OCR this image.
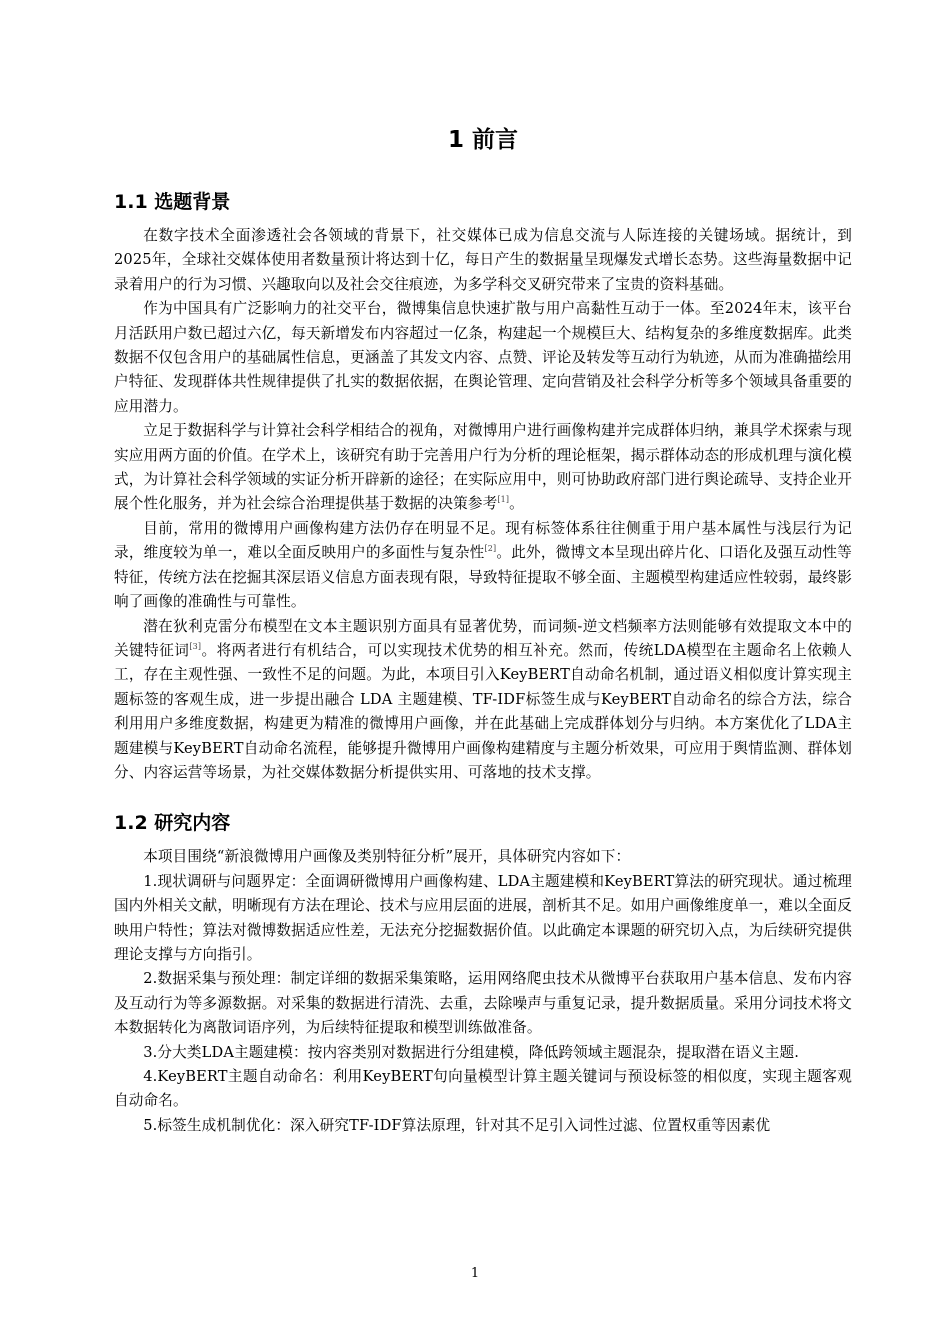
1 前言
1.1 选题背景

在数字技术全面渗透社会各领域的背景下，社交媒体已成为信息交流与人际连接的关键场域。据统计，到2025年，全球社交媒体使用者数量预计将达到十亿，每日产生的数据量呈现爆发式增长态势。这些海量数据中记录着用户的行为习惯、兴趣取向以及社会交往痕迹，为多学科交叉研究带来了宝贵的资料基础。

作为中国具有广泛影响力的社交平台，微博集信息快速扩散与用户高黏性互动于一体。至2024年末，该平台月活跃用户数已超过六亿，每天新增发布内容超过一亿条，构建起一个规模巨大、结构复杂的多维度数据库。此类数据不仅包含用户的基础属性信息，更涵盖了其发文内容、点赞、评论及转发等互动行为轨迹，从而为准确描绘用户特征、发现群体共性规律提供了扎实的数据依据，在舆论管理、定向营销及社会科学分析等多个领域具备重要的应用潜力。

立足于数据科学与计算社会科学相结合的视角，对微博用户进行画像构建并完成群体归纳，兼具学术探索与现实应用两方面的价值。在学术上，该研究有助于完善用户行为分析的理论框架，揭示群体动态的形成机理与演化模式，为计算社会科学领域的实证分析开辟新的途径；在实际应用中，则可协助政府部门进行舆论疏导、支持企业开展个性化服务，并为社会综合治理提供基于数据的决策参考[1]。

目前，常用的微博用户画像构建方法仍存在明显不足。现有标签体系往往侧重于用户基本属性与浅层行为记录，维度较为单一，难以全面反映用户的多面性与复杂性[2]。此外，微博文本呈现出碎片化、口语化及强互动性等特征，传统方法在挖掘其深层语义信息方面表现有限，导致特征提取不够全面、主题模型构建适应性较弱，最终影响了画像的准确性与可靠性。

潜在狄利克雷分布模型在文本主题识别方面具有显著优势，而词频-逆文档频率方法则能够有效提取文本中的关键特征词[3]。将两者进行有机结合，可以实现技术优势的相互补充。然而，传统LDA模型在主题命名上依赖人工，存在主观性强、一致性不足的问题。为此，本项目引入KeyBERT自动命名机制，通过语义相似度计算实现主题标签的客观生成，进一步提出融合 LDA 主题建模、TF-IDF标签生成与KeyBERT自动命名的综合方法，综合利用用户多维度数据，构建更为精准的微博用户画像，并在此基础上完成群体划分与归纳。本方案优化了LDA主题建模与KeyBERT自动命名流程，能够提升微博用户画像构建精度与主题分析效果，可应用于舆情监测、群体划分、内容运营等场景，为社交媒体数据分析提供实用、可落地的技术支撑。

1.2 研究内容

本项目围绕“新浪微博用户画像及类别特征分析”展开，具体研究内容如下：

1.现状调研与问题界定：全面调研微博用户画像构建、LDA主题建模和KeyBERT算法的研究现状。通过梳理国内外相关文献，明晰现有方法在理论、技术与应用层面的进展，剖析其不足。如用户画像维度单一，难以全面反映用户特性；算法对微博数据适应性差，无法充分挖掘数据价值。以此确定本课题的研究切入点，为后续研究提供理论支撑与方向指引。

2.数据采集与预处理：制定详细的数据采集策略，运用网络爬虫技术从微博平台获取用户基本信息、发布内容及互动行为等多源数据。对采集的数据进行清洗、去重，去除噪声与重复记录，提升数据质量。采用分词技术将文本数据转化为离散词语序列，为后续特征提取和模型训练做准备。

3.分大类LDA主题建模：按内容类别对数据进行分组建模，降低跨领域主题混杂，提取潜在语义主题.

4.KeyBERT主题自动命名：利用KeyBERT句向量模型计算主题关键词与预设标签的相似度，实现主题客观自动命名。

5.标签生成机制优化：深入研究TF-IDF算法原理，针对其不足引入词性过滤、位置权重等因素优

1
